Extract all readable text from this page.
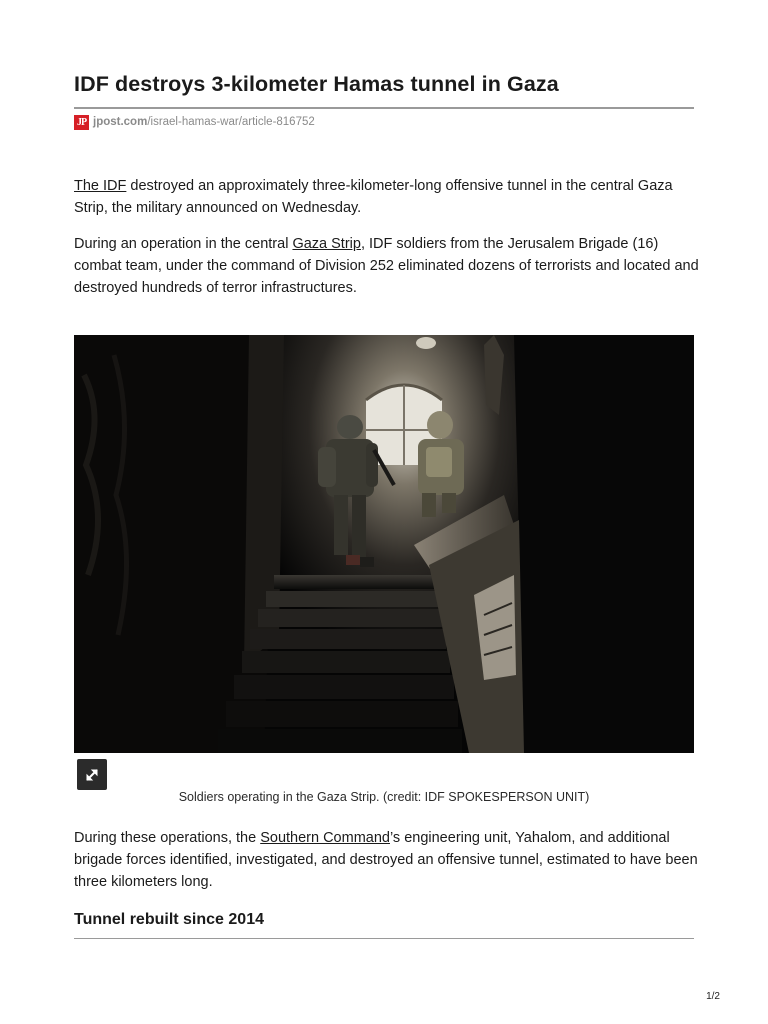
IDF destroys 3-kilometer Hamas tunnel in Gaza
JP jpost.com /israel-hamas-war/article-816752

The IDF destroyed an approximately three-kilometer-long offensive tunnel in the central Gaza Strip, the military announced on Wednesday.

During an operation in the central Gaza Strip, IDF soldiers from the Jerusalem Brigade (16) combat team, under the command of Division 252 eliminated dozens of terrorists and located and destroyed hundreds of terror infrastructures.

Soldiers operating in the Gaza Strip. (credit: IDF SPOKESPERSON UNIT)

During these operations, the Southern Command’s engineering unit, Yahalom, and additional brigade forces identified, investigated, and destroyed an offensive tunnel, estimated to have been three kilometers long.

Tunnel rebuilt since 2014
1/2
